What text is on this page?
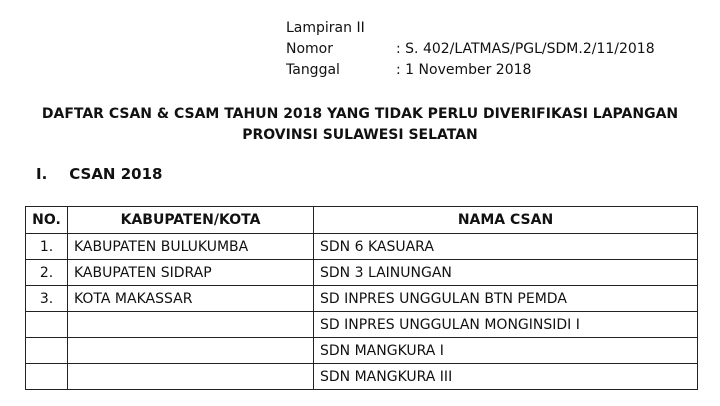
Lampiran II
Nomor	: S. 402/LATMAS/PGL/SDM.2/11/2018
Tanggal	: 1 November 2018
DAFTAR CSAN & CSAM TAHUN 2018 YANG TIDAK PERLU DIVERIFIKASI LAPANGAN
PROVINSI SULAWESI SELATAN
I. CSAN 2018
NO.	KABUPATEN/KOTA	NAMA CSAN
1.	KABUPATEN BULUKUMBA	SDN 6 KASUARA
2.	KABUPATEN SIDRAP	SDN 3 LAINUNGAN
3.	KOTA MAKASSAR	SD INPRES UNGGULAN BTN PEMDA
		SD INPRES UNGGULAN MONGINSIDI I
		SDN MANGKURA I
		SDN MANGKURA III
